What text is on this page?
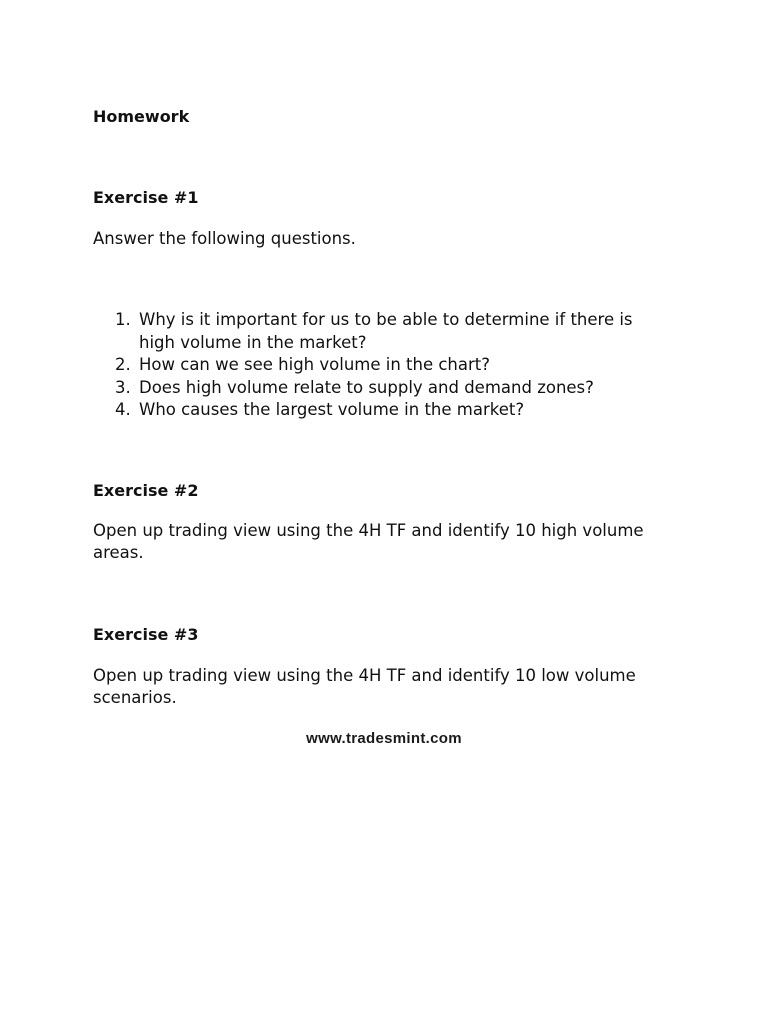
Homework
Exercise #1

Answer the following questions.

1. Why is it important for us to be able to determine if there is high volume in the market?
2. How can we see high volume in the chart?
3. Does high volume relate to supply and demand zones?
4. Who causes the largest volume in the market?
Exercise #2

Open up trading view using the 4H TF and identify 10 high volume areas.

Exercise #3

Open up trading view using the 4H TF and identify 10 low volume scenarios.

www.tradesmint.com
